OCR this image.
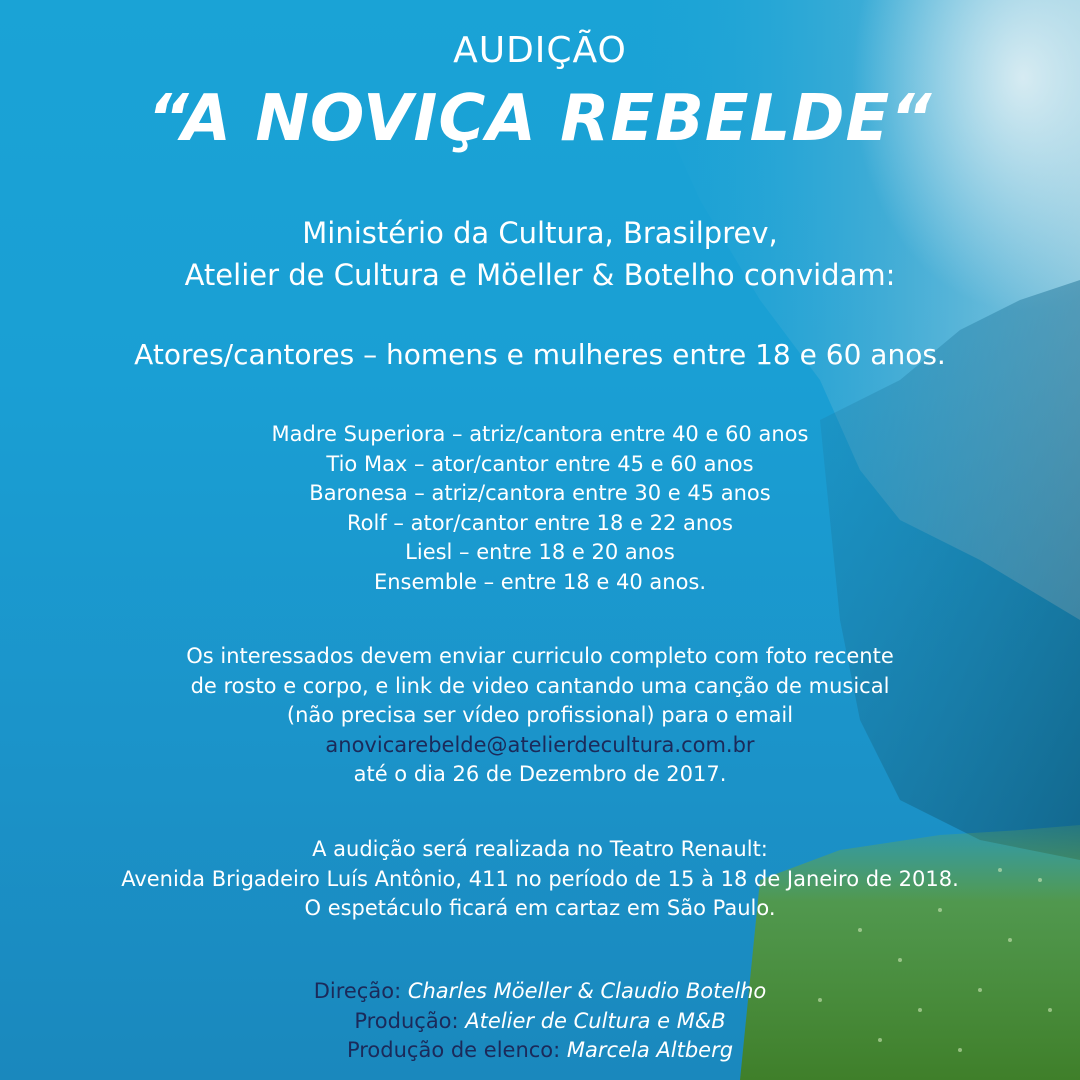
AUDIÇÃO
“A NOVIÇA REBELDE“
Ministério da Cultura, Brasilprev,
Atelier de Cultura e Möeller & Botelho convidam:
Atores/cantores – homens e mulheres entre 18 e 60 anos.
Madre Superiora – atriz/cantora entre 40 e 60 anos
Tio Max – ator/cantor entre 45 e 60 anos
Baronesa – atriz/cantora entre 30 e 45 anos
Rolf – ator/cantor entre 18 e 22 anos
Liesl – entre 18 e 20 anos
Ensemble – entre 18 e 40 anos.
Os interessados devem enviar curriculo completo com foto recente
de rosto e corpo, e link de video cantando uma canção de musical
(não precisa ser vídeo profissional) para o email
anovicarebelde@atelierdecultura.com.br
até o dia 26 de Dezembro de 2017.
A audição será realizada no Teatro Renault:
Avenida Brigadeiro Luís Antônio, 411 no período de 15 à 18 de Janeiro de 2018.
O espetáculo ficará em cartaz em São Paulo.
Direção: Charles Möeller & Claudio Botelho
Produção: Atelier de Cultura e M&B
Produção de elenco: Marcela Altberg
